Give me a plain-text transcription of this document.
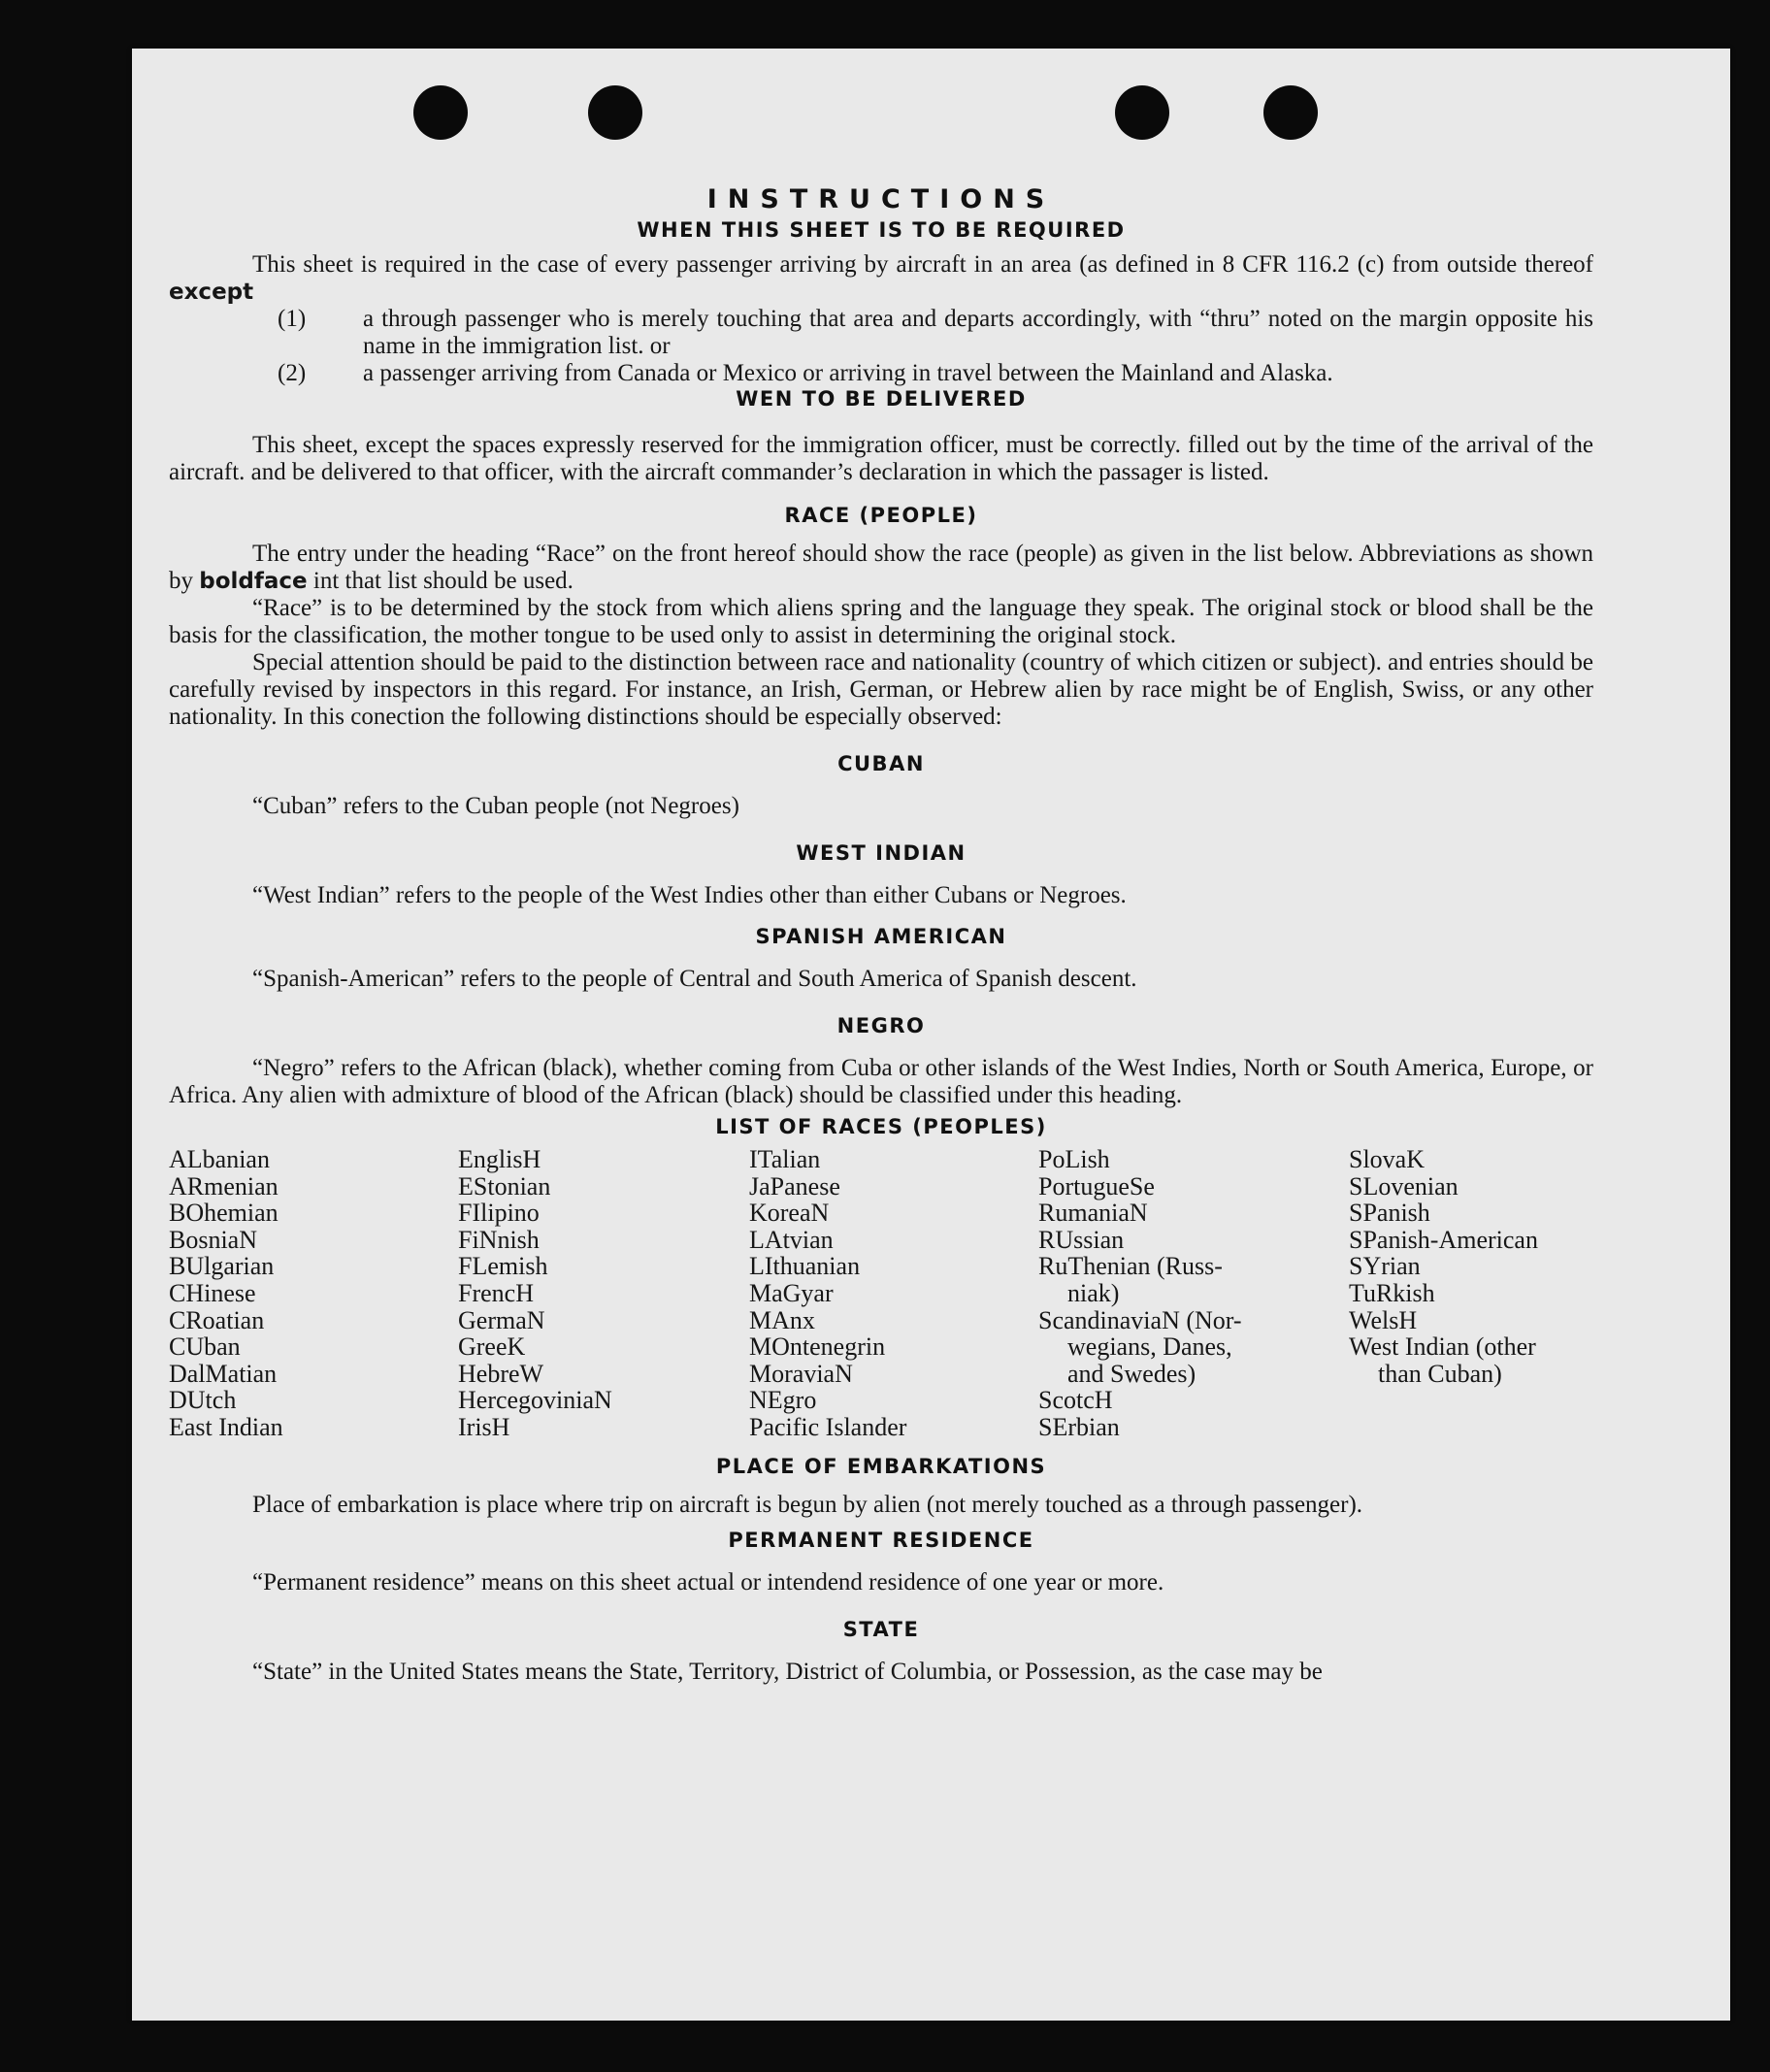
INSTRUCTIONS
WHEN THIS SHEET IS TO BE REQUIRED

This sheet is required in the case of every passenger arriving by aircraft in an area (as defined in 8 CFR 116.2 (c) from outside thereof except

(1) a through passenger who is merely touching that area and departs accordingly, with “thru” noted on the margin opposite his name in the immigration list. or

(2) a passenger arriving from Canada or Mexico or arriving in travel between the Mainland and Alaska.

WEN TO BE DELIVERED

This sheet, except the spaces expressly reserved for the immigration officer, must be correctly. filled out by the time of the arrival of the aircraft. and be delivered to that officer, with the aircraft commander’s declaration in which the passager is listed.

RACE (PEOPLE)

The entry under the heading “Race” on the front hereof should show the race (people) as given in the list below. Abbreviations as shown by boldface int that list should be used.

“Race” is to be determined by the stock from which aliens spring and the language they speak. The original stock or blood shall be the basis for the classification, the mother tongue to be used only to assist in determining the original stock.

Special attention should be paid to the distinction between race and nationality (country of which citizen or subject). and entries should be carefully revised by inspectors in this regard. For instance, an Irish, German, or Hebrew alien by race might be of English, Swiss, or any other nationality. In this conection the following distinctions should be especially observed:

CUBAN

“Cuban” refers to the Cuban people (not Negroes)

WEST INDIAN

“West Indian” refers to the people of the West Indies other than either Cubans or Negroes.

SPANISH AMERICAN

“Spanish-American” refers to the people of Central and South America of Spanish descent.

NEGRO

“Negro” refers to the African (black), whether coming from Cuba or other islands of the West Indies, North or South America, Europe, or Africa. Any alien with admixture of blood of the African (black) should be classified under this heading.

LIST OF RACES (PEOPLES)
ALbanian
ARmenian
BOhemian
BosniaN
BUlgarian
CHinese
CRoatian
CUban
DalMatian
DUtch
East Indian
EnglisH
EStonian
FIlipino
FiNnish
FLemish
FrencH
GermaN
GreeK
HebreW
HercegoviniaN
IrisH
ITalian
JaPanese
KoreaN
LAtvian
LIthuanian
MaGyar
MAnx
MOntenegrin
MoraviaN
NEgro
Pacific Islander
PoLish
PortugueSe
RumaniaN
RUssian
RuThenian (Russ-
niak)
ScandinaviaN (Nor-
wegians, Danes,
and Swedes)
ScotcH
SErbian
SlovaK
SLovenian
SPanish
SPanish-American
SYrian
TuRkish
WelsH
West Indian (other
than Cuban)
PLACE OF EMBARKATIONS

Place of embarkation is place where trip on aircraft is begun by alien (not merely touched as a through passenger).

PERMANENT RESIDENCE

“Permanent residence” means on this sheet actual or intendend residence of one year or more.

STATE

“State” in the United States means the State, Territory, District of Columbia, or Possession, as the case may be
